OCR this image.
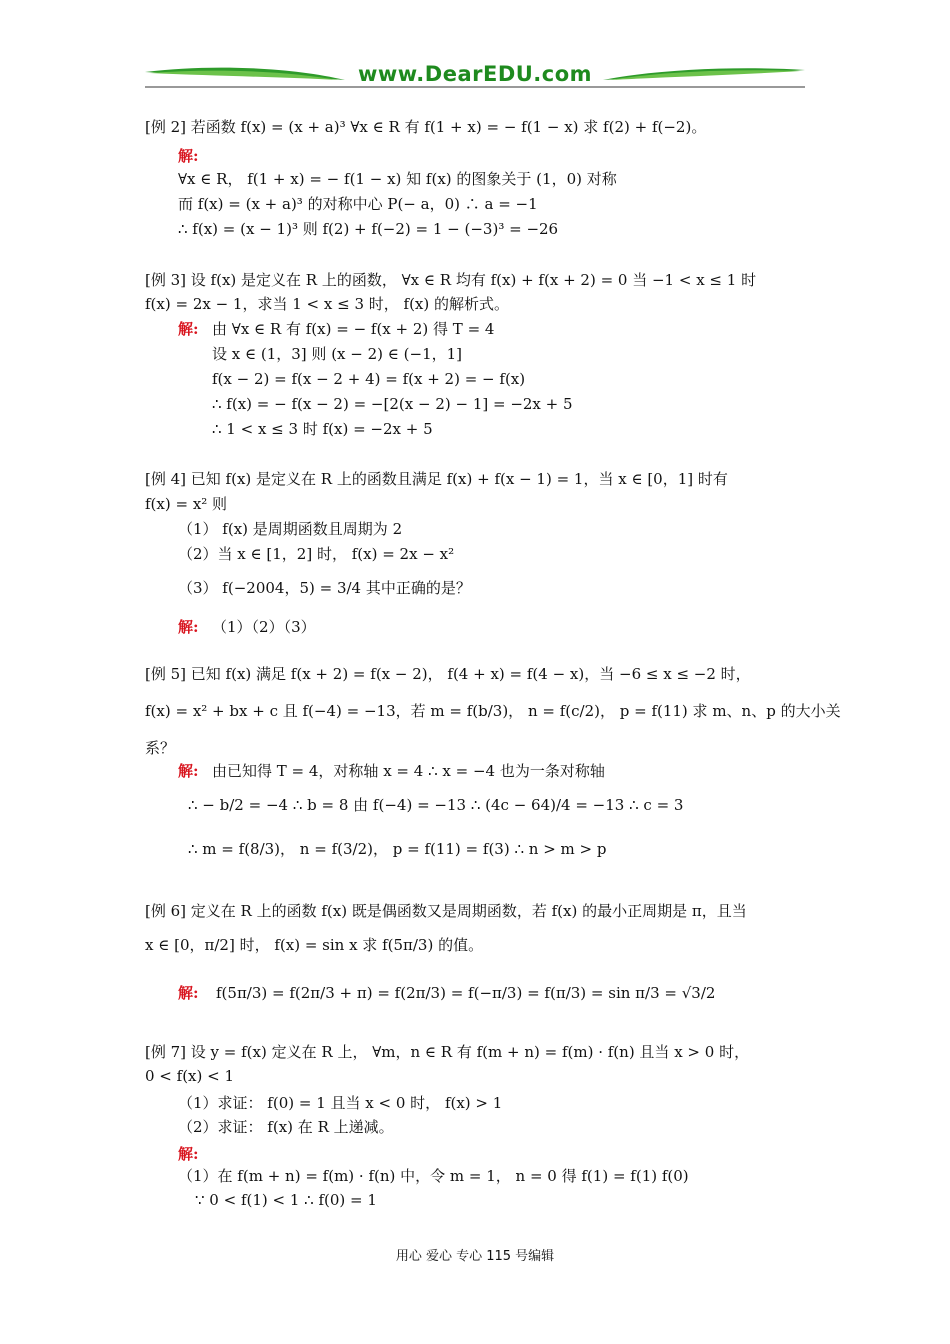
www.DearEDU.com
[例 2] 若函数 f(x) = (x + a)³ ∀x ∈ R 有 f(1 + x) = − f(1 − x) 求 f(2) + f(−2)。
解:
∀x ∈ R， f(1 + x) = − f(1 − x) 知 f(x) 的图象关于 (1，0) 对称
而 f(x) = (x + a)³ 的对称中心 P(− a，0) ∴ a = −1
∴ f(x) = (x − 1)³ 则 f(2) + f(−2) = 1 − (−3)³ = −26
[例 3] 设 f(x) 是定义在 R 上的函数， ∀x ∈ R 均有 f(x) + f(x + 2) = 0 当 −1 < x ≤ 1 时
f(x) = 2x − 1，求当 1 < x ≤ 3 时， f(x) 的解析式。
解: 由 ∀x ∈ R 有 f(x) = − f(x + 2) 得 T = 4
设 x ∈ (1，3] 则 (x − 2) ∈ (−1，1]
f(x − 2) = f(x − 2 + 4) = f(x + 2) = − f(x)
∴ f(x) = − f(x − 2) = −[2(x − 2) − 1] = −2x + 5
∴ 1 < x ≤ 3 时 f(x) = −2x + 5
[例 4] 已知 f(x) 是定义在 R 上的函数且满足 f(x) + f(x − 1) = 1，当 x ∈ [0，1] 时有
f(x) = x² 则
（1） f(x) 是周期函数且周期为 2
（2）当 x ∈ [1，2] 时， f(x) = 2x − x²
（3） f(−2004，5) = 3/4 其中正确的是？
解: （1）（2）（3）
[例 5] 已知 f(x) 满足 f(x + 2) = f(x − 2)， f(4 + x) = f(4 − x)，当 −6 ≤ x ≤ −2 时，
f(x) = x² + bx + c 且 f(−4) = −13，若 m = f(b/3)， n = f(c/2)， p = f(11) 求 m、n、p 的大小关
系？
解: 由已知得 T = 4，对称轴 x = 4 ∴ x = −4 也为一条对称轴
∴ − b/2 = −4 ∴ b = 8 由 f(−4) = −13 ∴ (4c − 64)/4 = −13 ∴ c = 3
∴ m = f(8/3)， n = f(3/2)， p = f(11) = f(3) ∴ n > m > p
[例 6] 定义在 R 上的函数 f(x) 既是偶函数又是周期函数，若 f(x) 的最小正周期是 π，且当
x ∈ [0，π/2] 时， f(x) = sin x 求 f(5π/3) 的值。
解: f(5π/3) = f(2π/3 + π) = f(2π/3) = f(−π/3) = f(π/3) = sin π/3 = √3/2
[例 7] 设 y = f(x) 定义在 R 上， ∀m，n ∈ R 有 f(m + n) = f(m) · f(n) 且当 x > 0 时，
0 < f(x) < 1
（1）求证： f(0) = 1 且当 x < 0 时， f(x) > 1
（2）求证： f(x) 在 R 上递减。
解:
（1）在 f(m + n) = f(m) · f(n) 中，令 m = 1， n = 0 得 f(1) = f(1) f(0)
∵ 0 < f(1) < 1 ∴ f(0) = 1
用心 爱心 专心 115 号编辑
